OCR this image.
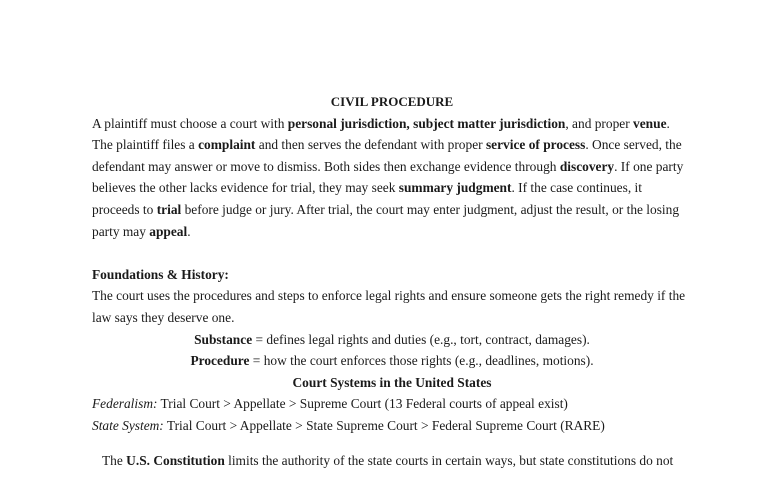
CIVIL PROCEDURE

A plaintiff must choose a court with personal jurisdiction, subject matter jurisdiction, and proper venue. The plaintiff files a complaint and then serves the defendant with proper service of process. Once served, the defendant may answer or move to dismiss. Both sides then exchange evidence through discovery. If one party believes the other lacks evidence for trial, they may seek summary judgment. If the case continues, it proceeds to trial before judge or jury. After trial, the court may enter judgment, adjust the result, or the losing party may appeal.

Foundations & History:

The court uses the procedures and steps to enforce legal rights and ensure someone gets the right remedy if the law says they deserve one.

Substance = defines legal rights and duties (e.g., tort, contract, damages).

Procedure = how the court enforces those rights (e.g., deadlines, motions).

Court Systems in the United States

Federalism: Trial Court > Appellate > Supreme Court (13 Federal courts of appeal exist)

State System: Trial Court > Appellate > State Supreme Court > Federal Supreme Court (RARE)

The U.S. Constitution limits the authority of the state courts in certain ways, but state constitutions do not
